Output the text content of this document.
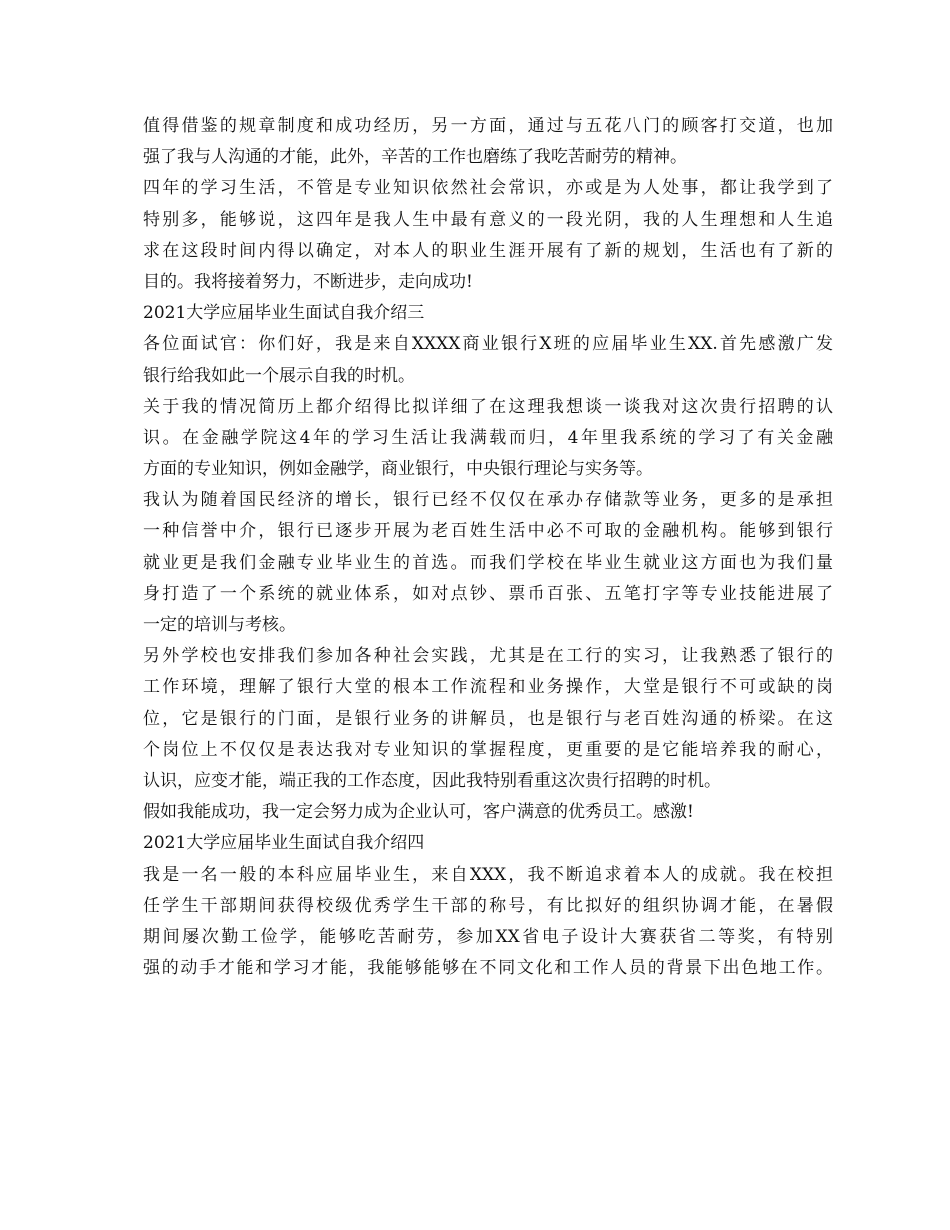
值得借鉴的规章制度和成功经历，另一方面，通过与五花八门的顾客打交道，也加
强了我与人沟通的才能，此外，辛苦的工作也磨练了我吃苦耐劳的精神。
四年的学习生活，不管是专业知识依然社会常识，亦或是为人处事，都让我学到了
特别多，能够说，这四年是我人生中最有意义的一段光阴，我的人生理想和人生追
求在这段时间内得以确定，对本人的职业生涯开展有了新的规划，生活也有了新的
目的。我将接着努力，不断进步，走向成功!
2021大学应届毕业生面试自我介绍三
各位面试官：你们好，我是来自XXXX商业银行X班的应届毕业生XX.首先感激广发
银行给我如此一个展示自我的时机。
关于我的情况简历上都介绍得比拟详细了在这理我想谈一谈我对这次贵行招聘的认
识。在金融学院这4年的学习生活让我满载而归，4年里我系统的学习了有关金融
方面的专业知识，例如金融学，商业银行，中央银行理论与实务等。
我认为随着国民经济的增长，银行已经不仅仅在承办存储款等业务，更多的是承担
一种信誉中介，银行已逐步开展为老百姓生活中必不可取的金融机构。能够到银行
就业更是我们金融专业毕业生的首选。而我们学校在毕业生就业这方面也为我们量
身打造了一个系统的就业体系，如对点钞、票币百张、五笔打字等专业技能进展了
一定的培训与考核。
另外学校也安排我们参加各种社会实践，尤其是在工行的实习，让我熟悉了银行的
工作环境，理解了银行大堂的根本工作流程和业务操作，大堂是银行不可或缺的岗
位，它是银行的门面，是银行业务的讲解员，也是银行与老百姓沟通的桥梁。在这
个岗位上不仅仅是表达我对专业知识的掌握程度，更重要的是它能培养我的耐心，
认识，应变才能，端正我的工作态度，因此我特别看重这次贵行招聘的时机。
假如我能成功，我一定会努力成为企业认可，客户满意的优秀员工。感激!
2021大学应届毕业生面试自我介绍四
我是一名一般的本科应届毕业生，来自XXX，我不断追求着本人的成就。我在校担
任学生干部期间获得校级优秀学生干部的称号，有比拟好的组织协调才能，在暑假
期间屡次勤工俭学，能够吃苦耐劳，参加XX省电子设计大赛获省二等奖，有特别
强的动手才能和学习才能，我能够能够在不同文化和工作人员的背景下出色地工作。
